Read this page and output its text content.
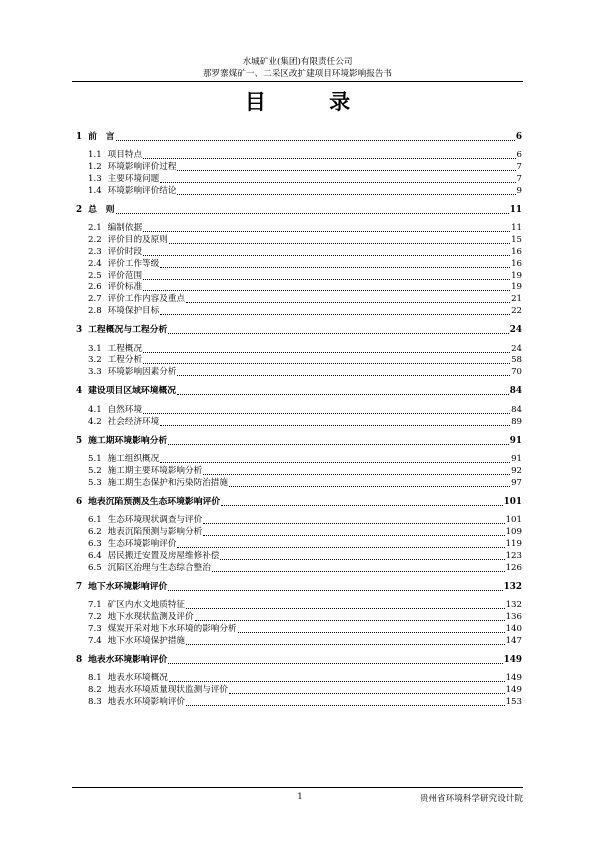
水城矿业(集团)有限责任公司
那罗寨煤矿一、二采区改扩建项目环境影响报告书
目 录
1 前　言	6
1.1 项目特点	6
1.2 环境影响评价过程	7
1.3 主要环境问题	7
1.4 环境影响评价结论	9
2 总　则	11
2.1 编制依据	11
2.2 评价目的及原则	15
2.3 评价时段	16
2.4 评价工作等级	16
2.5 评价范围	19
2.6 评价标准	19
2.7 评价工作内容及重点	21
2.8 环境保护目标	22
3 工程概况与工程分析	24
3.1 工程概况	24
3.2 工程分析	58
3.3 环境影响因素分析	70
4 建设项目区域环境概况	84
4.1 自然环境	84
4.2 社会经济环境	89
5 施工期环境影响分析	91
5.1 施工组织概况	91
5.2 施工期主要环境影响分析	92
5.3 施工期生态保护和污染防治措施	97
6 地表沉陷预测及生态环境影响评价	101
6.1 生态环境现状调查与评价	101
6.2 地表沉陷预测与影响分析	109
6.3 生态环境影响评价	119
6.4 居民搬迁安置及房屋维修补偿	123
6.5 沉陷区治理与生态综合整治	126
7 地下水环境影响评价	132
7.1 矿区内水文地质特征	132
7.2 地下水现状监测及评价	136
7.3 煤炭开采对地下水环境的影响分析	140
7.4 地下水环境保护措施	147
8 地表水环境影响评价	149
8.1 地表水环境概况	149
8.2 地表水环境质量现状监测与评价	149
8.3 地表水环境影响评价	153
1	贵州省环境科学研究设计院
